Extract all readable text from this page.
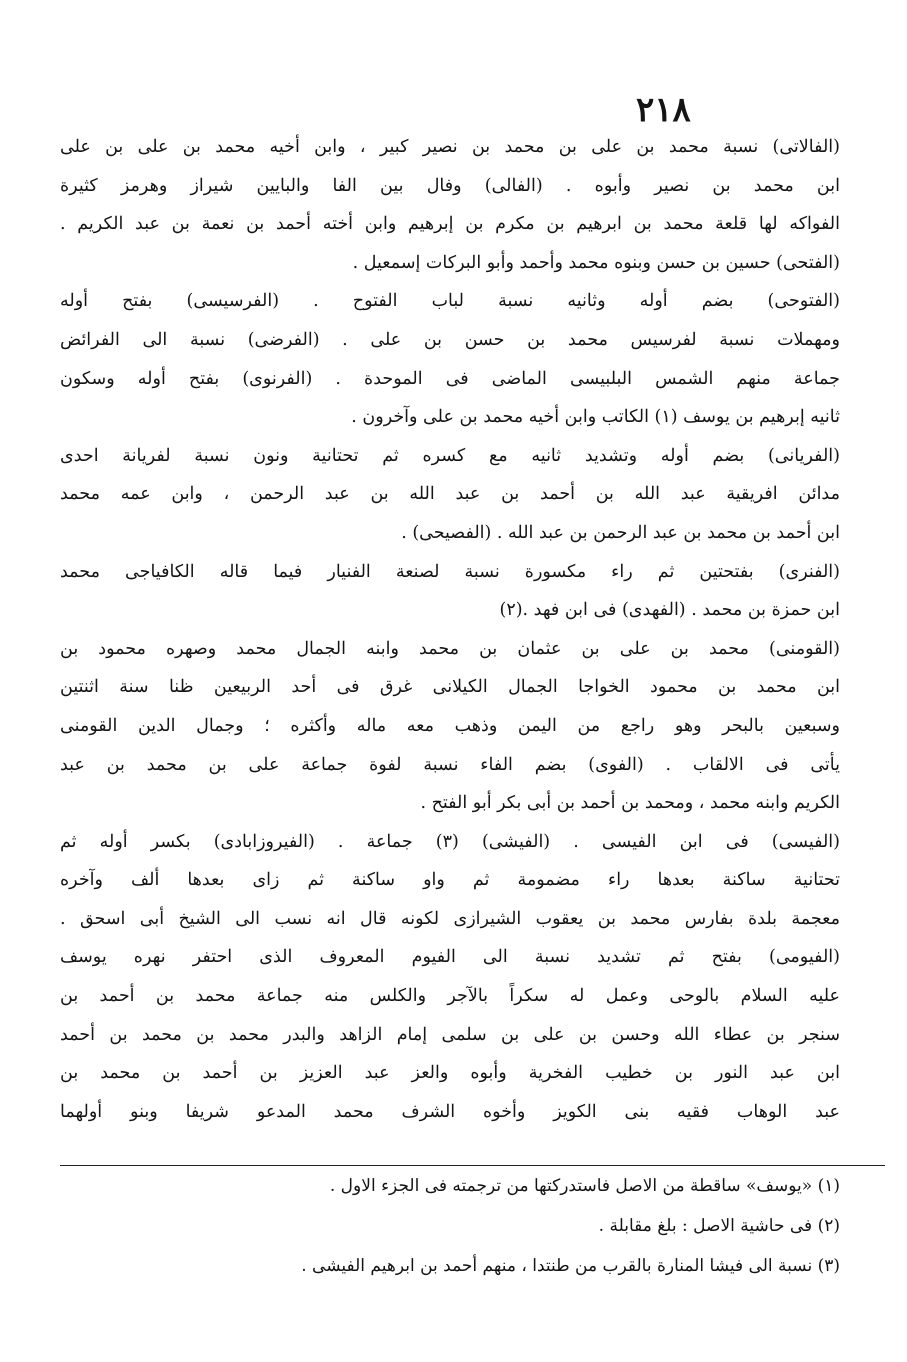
٢١٨
(الفالاتى) نسبة محمد بن على بن محمد بن نصير كبير ، وابن أخيه محمد بن على بن على
ابن محمد بن نصير وأبوه . (الفالى) وفال بين الفا والبايين شيراز وهرمز كثيرة
الفواكه لها قلعة محمد بن ابرهيم بن مكرم بن إبرهيم وابن أخته أحمد بن نعمة بن عبد الكريم .
(الفتحى) حسين بن حسن وبنوه محمد وأحمد وأبو البركات إسمعيل .
(الفتوحى) بضم أوله وثانيه نسبة لباب الفتوح . (الفرسيسى) بفتح أوله
ومهملات نسبة لفرسيس محمد بن حسن بن على . (الفرضى) نسبة الى الفرائض
جماعة منهم الشمس البلبيسى الماضى فى الموحدة . (الفرنوى) بفتح أوله وسكون
ثانيه إبرهيم بن يوسف (١) الكاتب وابن أخيه محمد بن على وآخرون .
(الفريانى) بضم أوله وتشديد ثانيه مع كسره ثم تحتانية ونون نسبة لفريانة احدى
مدائن افريقية عبد الله بن أحمد بن عبد الله بن عبد الرحمن ، وابن عمه محمد
ابن أحمد بن محمد بن عبد الرحمن بن عبد الله . (الفصيحى) .
(الفنرى) بفتحتين ثم راء مكسورة نسبة لصنعة الفنيار فيما قاله الكافياجى محمد
ابن حمزة بن محمد . (الفهدى) فى ابن فهد .(٢)
(القومنى) محمد بن على بن عثمان بن محمد وابنه الجمال محمد وصهره محمود بن
ابن محمد بن محمود الخواجا الجمال الكيلانى غرق فى أحد الربيعين ظنا سنة اثنتين
وسبعين بالبحر وهو راجع من اليمن وذهب معه ماله وأكثره ؛ وجمال الدين القومنى
يأتى فى الالقاب . (الفوى) بضم الفاء نسبة لفوة جماعة على بن محمد بن عبد
الكريم وابنه محمد ، ومحمد بن أحمد بن أبى بكر أبو الفتح .
(الفيسى) فى ابن الفيسى . (الفيشى) (٣) جماعة . (الفيروزابادى) بكسر أوله ثم
تحتانية ساكنة بعدها راء مضمومة ثم واو ساكنة ثم زاى بعدها ألف وآخره
معجمة بلدة بفارس محمد بن يعقوب الشيرازى لكونه قال انه نسب الى الشيخ أبى اسحق .
(الفيومى) بفتح ثم تشديد نسبة الى الفيوم المعروف الذى احتفر نهره يوسف
عليه السلام بالوحى وعمل له سكراً بالآجر والكلس منه جماعة محمد بن أحمد بن
سنجر بن عطاء الله وحسن بن على بن سلمى إمام الزاهد والبدر محمد بن محمد بن أحمد
ابن عبد النور بن خطيب الفخرية وأبوه والعز عبد العزيز بن أحمد بن محمد بن
عبد الوهاب فقيه بنى الكويز وأخوه الشرف محمد المدعو شريفا وبنو أولهما
(١) «يوسف» ساقطة من الاصل فاستدركتها من ترجمته فى الجزء الاول .
(٢) فى حاشية الاصل : بلغ مقابلة .
(٣) نسبة الى فيشا المنارة بالقرب من طنتدا ، منهم أحمد بن ابرهيم الفيشى .
